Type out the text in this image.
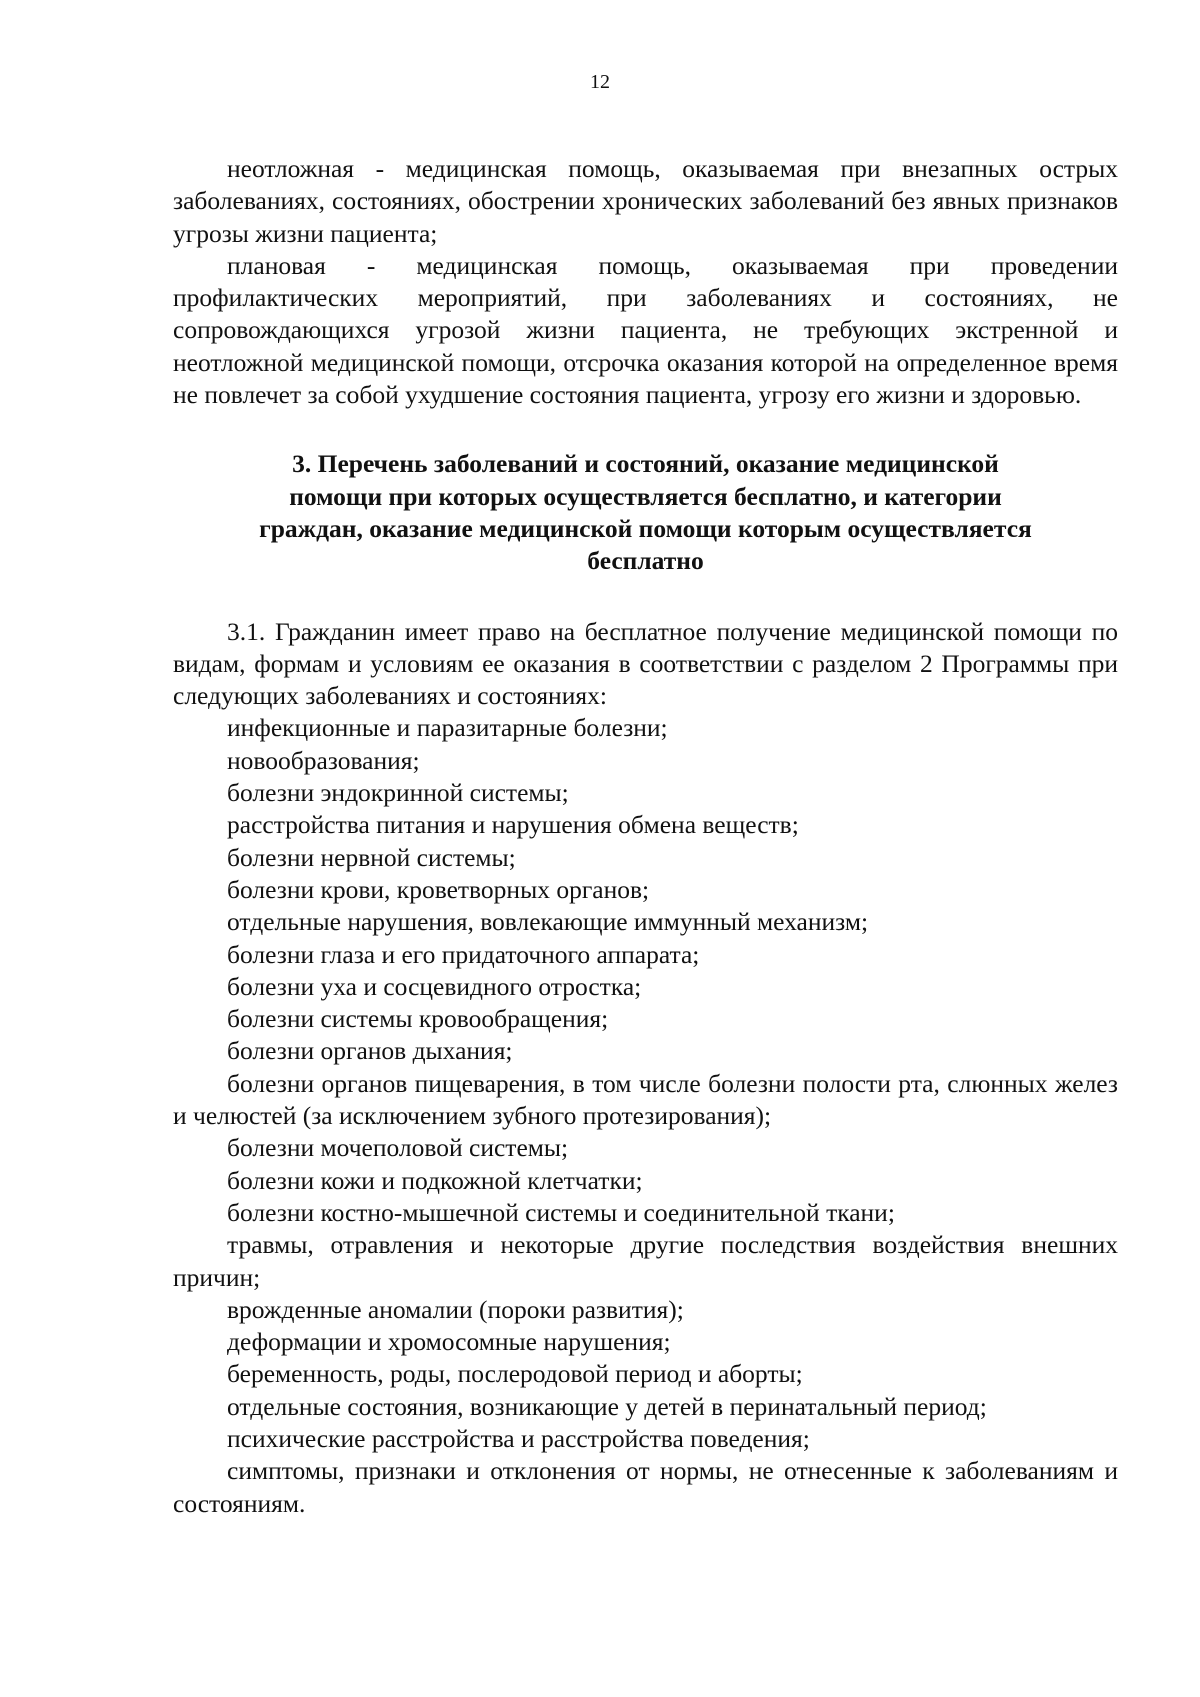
12

неотложная - медицинская помощь, оказываемая при внезапных острых заболеваниях, состояниях, обострении хронических заболеваний без явных признаков угрозы жизни пациента;

плановая - медицинская помощь, оказываемая при проведении профилактических мероприятий, при заболеваниях и состояниях, не сопровождающихся угрозой жизни пациента, не требующих экстренной и неотложной медицинской помощи, отсрочка оказания которой на определенное время не повлечет за собой ухудшение состояния пациента, угрозу его жизни и здоровью.

3. Перечень заболеваний и состояний, оказание медицинской
помощи при которых осуществляется бесплатно, и категории
граждан, оказание медицинской помощи которым осуществляется
бесплатно

3.1. Гражданин имеет право на бесплатное получение медицинской помощи по видам, формам и условиям ее оказания в соответствии с разделом 2 Программы при следующих заболеваниях и состояниях:

инфекционные и паразитарные болезни;

новообразования;

болезни эндокринной системы;

расстройства питания и нарушения обмена веществ;

болезни нервной системы;

болезни крови, кроветворных органов;

отдельные нарушения, вовлекающие иммунный механизм;

болезни глаза и его придаточного аппарата;

болезни уха и сосцевидного отростка;

болезни системы кровообращения;

болезни органов дыхания;

болезни органов пищеварения, в том числе болезни полости рта, слюнных желез и челюстей (за исключением зубного протезирования);

болезни мочеполовой системы;

болезни кожи и подкожной клетчатки;

болезни костно-мышечной системы и соединительной ткани;

травмы, отравления и некоторые другие последствия воздействия внешних причин;

врожденные аномалии (пороки развития);

деформации и хромосомные нарушения;

беременность, роды, послеродовой период и аборты;

отдельные состояния, возникающие у детей в перинатальный период;

психические расстройства и расстройства поведения;

симптомы, признаки и отклонения от нормы, не отнесенные к заболеваниям и состояниям.
